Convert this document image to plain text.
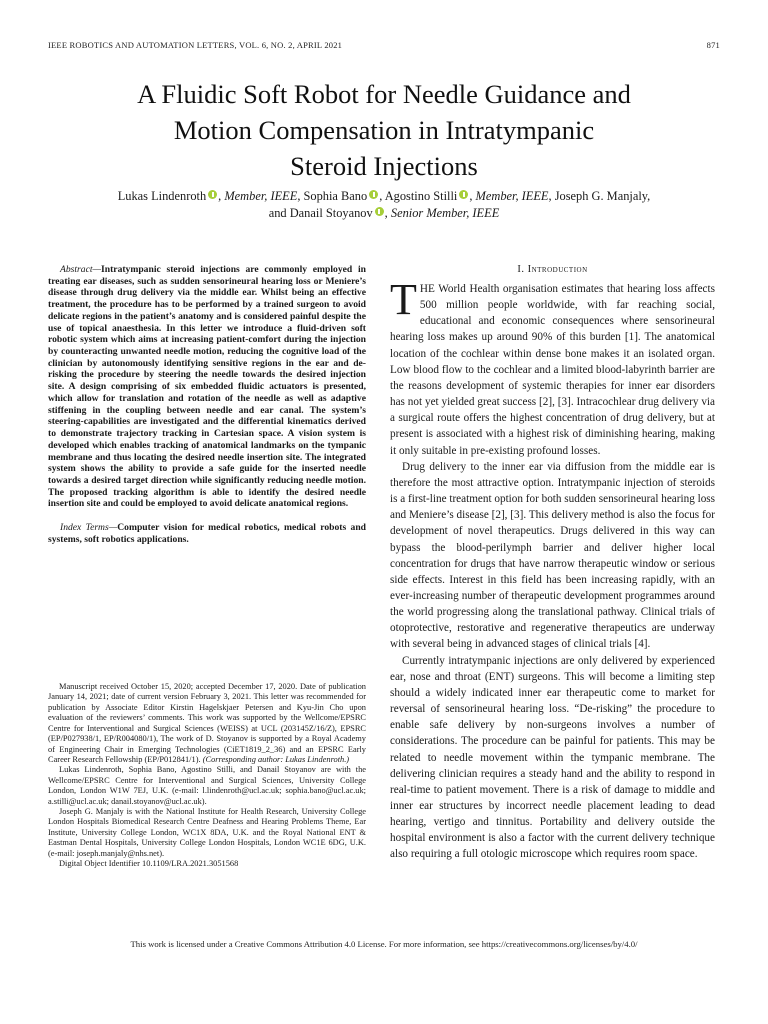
IEEE ROBOTICS AND AUTOMATION LETTERS, VOL. 6, NO. 2, APRIL 2021	871
A Fluidic Soft Robot for Needle Guidance and
Motion Compensation in Intratympanic
Steroid Injections
Lukas Lindenroth , Member, IEEE, Sophia Bano , Agostino Stilli , Member, IEEE, Joseph G. Manjaly,
and Danail Stoyanov , Senior Member, IEEE

Abstract—Intratympanic steroid injections are commonly employed in treating ear diseases, such as sudden sensorineural hearing loss or Meniere’s disease through drug delivery via the middle ear. Whilst being an effective treatment, the procedure has to be performed by a trained surgeon to avoid delicate regions in the patient’s anatomy and is considered painful despite the use of topical anaesthesia. In this letter we introduce a fluid-driven soft robotic system which aims at increasing patient-comfort during the injection by counteracting unwanted needle motion, reducing the cognitive load of the clinician by autonomously identifying sensitive regions in the ear and de-risking the procedure by steering the needle towards the desired injection site. A design comprising of six embedded fluidic actuators is presented, which allow for translation and rotation of the needle as well as adaptive stiffening in the coupling between needle and ear canal. The system’s steering-capabilities are investigated and the differential kinematics derived to demonstrate trajectory tracking in Cartesian space. A vision system is developed which enables tracking of anatomical landmarks on the tympanic membrane and thus locating the desired needle insertion site. The integrated system shows the ability to provide a safe guide for the inserted needle towards a desired target direction while significantly reducing needle motion. The proposed tracking algorithm is able to identify the desired needle insertion site and could be employed to avoid delicate anatomical regions.

Index Terms—Computer vision for medical robotics, medical robots and systems, soft robotics applications.

Manuscript received October 15, 2020; accepted December 17, 2020. Date of publication January 14, 2021; date of current version February 3, 2021. This letter was recommended for publication by Associate Editor Kirstin Hagelskjaer Petersen and Kyu-Jin Cho upon evaluation of the reviewers’ comments. This work was supported by the Wellcome/EPSRC Centre for Interventional and Surgical Sciences (WEISS) at UCL (203145Z/16/Z), EPSRC (EP/P027938/1, EP/R004080/1), The work of D. Stoyanov is supported by a Royal Academy of Engineering Chair in Emerging Technologies (CiET1819_2_36) and an EPSRC Early Career Research Fellowship (EP/P012841/1). (Corresponding author: Lukas Lindenroth.)

Lukas Lindenroth, Sophia Bano, Agostino Stilli, and Danail Stoyanov are with the Wellcome/EPSRC Centre for Interventional and Surgical Sciences, University College London, London W1W 7EJ, U.K. (e-mail: l.lindenroth@ucl.ac.uk; sophia.bano@ucl.ac.uk; a.stilli@ucl.ac.uk; danail.stoyanov@ucl.ac.uk).

Joseph G. Manjaly is with the National Institute for Health Research, University College London Hospitals Biomedical Research Centre Deafness and Hearing Problems Theme, Ear Institute, University College London, WC1X 8DA, U.K. and the Royal National ENT & Eastman Dental Hospitals, University College London Hospitals, London WC1E 6DG, U.K. (e-mail: joseph.manjaly@nhs.net).

Digital Object Identifier 10.1109/LRA.2021.3051568

I. Introduction

THE World Health organisation estimates that hearing loss affects 500 million people worldwide, with far reaching social, educational and economic consequences where sensorineural hearing loss makes up around 90% of this burden [1]. The anatomical location of the cochlear within dense bone makes it an isolated organ. Low blood flow to the cochlear and a limited blood-labyrinth barrier are the reasons development of systemic therapies for inner ear disorders has not yet yielded great success [2], [3]. Intracochlear drug delivery via a surgical route offers the highest concentration of drug delivery, but at present is associated with a highest risk of diminishing hearing, making it only suitable in pre-existing profound losses.

Drug delivery to the inner ear via diffusion from the middle ear is therefore the most attractive option. Intratympanic injection of steroids is a first-line treatment option for both sudden sensorineural hearing loss and Meniere’s disease [2], [3]. This delivery method is also the focus for development of novel therapeutics. Drugs delivered in this way can bypass the blood-perilymph barrier and deliver higher local concentration for drugs that have narrow therapeutic window or serious side effects. Interest in this field has been increasing rapidly, with an ever-increasing number of therapeutic development programmes around the world progressing along the translational pathway. Clinical trials of otoprotective, restorative and regenerative therapeutics are underway with several being in advanced stages of clinical trials [4].

Currently intratympanic injections are only delivered by experienced ear, nose and throat (ENT) surgeons. This will become a limiting step should a widely indicated inner ear therapeutic come to market for reversal of sensorineural hearing loss. “De-risking” the procedure to enable safe delivery by non-surgeons involves a number of considerations. The procedure can be painful for patients. This may be related to needle movement within the tympanic membrane. The delivering clinician requires a steady hand and the ability to respond in real-time to patient movement. There is a risk of damage to middle and inner ear structures by incorrect needle placement leading to dead hearing, vertigo and tinnitus. Portability and delivery outside the hospital environment is also a factor with the current delivery technique also requiring a full otologic microscope which requires room space.

This work is licensed under a Creative Commons Attribution 4.0 License. For more information, see https://creativecommons.org/licenses/by/4.0/
